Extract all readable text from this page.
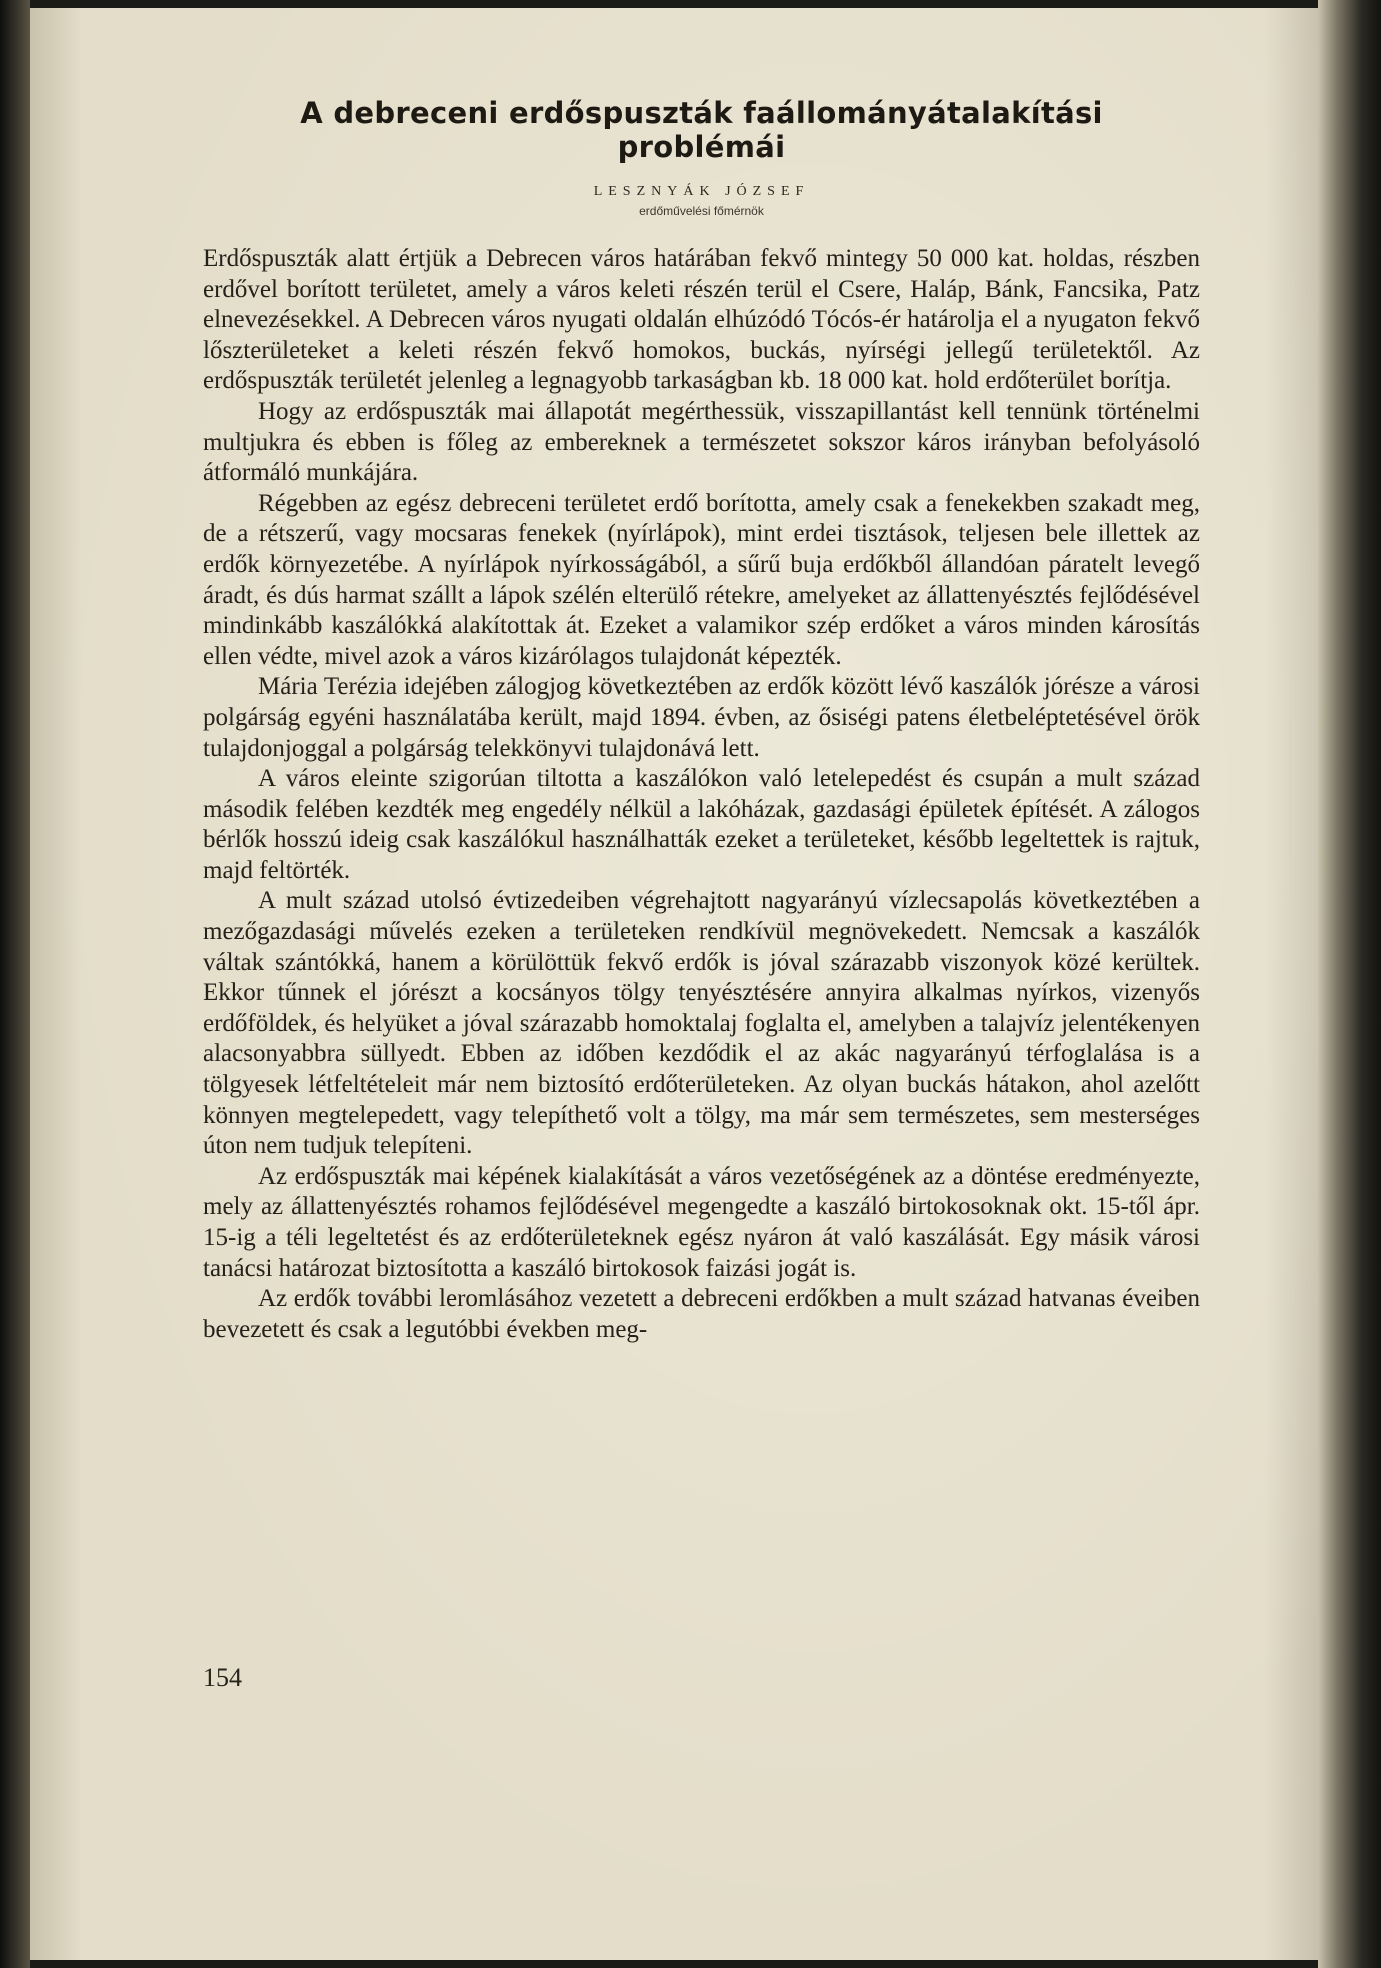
A debreceni erdőspuszták faállományátalakítási
problémái
LESZNYÁK JÓZSEF
erdőművelési főmérnök

Erdőspuszták alatt értjük a Debrecen város határában fekvő mintegy 50 000 kat. holdas, részben erdővel borított területet, amely a város keleti részén terül el Csere, Haláp, Bánk, Fancsika, Patz elnevezésekkel. A Debrecen város nyugati oldalán elhúzódó Tócós-ér határolja el a nyugaton fekvő lőszterületeket a keleti részén fekvő homokos, buckás, nyírségi jellegű területektől. Az erdőspuszták területét jelenleg a legnagyobb tarkaságban kb. 18 000 kat. hold erdőterület borítja.

Hogy az erdőspuszták mai állapotát megérthessük, visszapillantást kell tennünk történelmi multjukra és ebben is főleg az embereknek a természetet sokszor káros irányban befolyásoló átformáló munkájára.

Régebben az egész debreceni területet erdő borította, amely csak a fenekekben szakadt meg, de a rétszerű, vagy mocsaras fenekek (nyírlápok), mint erdei tisztások, teljesen bele illettek az erdők környezetébe. A nyírlápok nyírkosságából, a sűrű buja erdőkből állandóan páratelt levegő áradt, és dús harmat szállt a lápok szélén elterülő rétekre, amelyeket az állattenyésztés fejlődésével mindinkább kaszálókká alakítottak át. Ezeket a valamikor szép erdőket a város minden károsítás ellen védte, mivel azok a város kizárólagos tulajdonát képezték.

Mária Terézia idejében zálogjog következtében az erdők között lévő kaszálók jórésze a városi polgárság egyéni használatába került, majd 1894. évben, az ősiségi patens életbeléptetésével örök tulajdonjoggal a polgárság telekkönyvi tulajdonává lett.

A város eleinte szigorúan tiltotta a kaszálókon való letelepedést és csupán a mult század második felében kezdték meg engedély nélkül a lakóházak, gazdasági épületek építését. A zálogos bérlők hosszú ideig csak kaszálókul használhatták ezeket a területeket, később legeltettek is rajtuk, majd feltörték.

A mult század utolsó évtizedeiben végrehajtott nagyarányú vízlecsapolás következtében a mezőgazdasági művelés ezeken a területeken rendkívül megnövekedett. Nemcsak a kaszálók váltak szántókká, hanem a körülöttük fekvő erdők is jóval szárazabb viszonyok közé kerültek. Ekkor tűnnek el jórészt a kocsányos tölgy tenyésztésére annyira alkalmas nyírkos, vizenyős erdőföldek, és helyüket a jóval szárazabb homoktalaj foglalta el, amelyben a talajvíz jelentékenyen alacsonyabbra süllyedt. Ebben az időben kezdődik el az akác nagyarányú térfoglalása is a tölgyesek létfeltételeit már nem biztosító erdőterületeken. Az olyan buckás hátakon, ahol azelőtt könnyen megtelepedett, vagy telepíthető volt a tölgy, ma már sem természetes, sem mesterséges úton nem tudjuk telepíteni.

Az erdőspuszták mai képének kialakítását a város vezetőségének az a döntése eredményezte, mely az állattenyésztés rohamos fejlődésével megengedte a kaszáló birtokosoknak okt. 15-től ápr. 15-ig a téli legeltetést és az erdőterületeknek egész nyáron át való kaszálását. Egy másik városi tanácsi határozat biztosította a kaszáló birtokosok faizási jogát is.

Az erdők további leromlásához vezetett a debreceni erdőkben a mult század hatvanas éveiben bevezetett és csak a legutóbbi években meg-

154
